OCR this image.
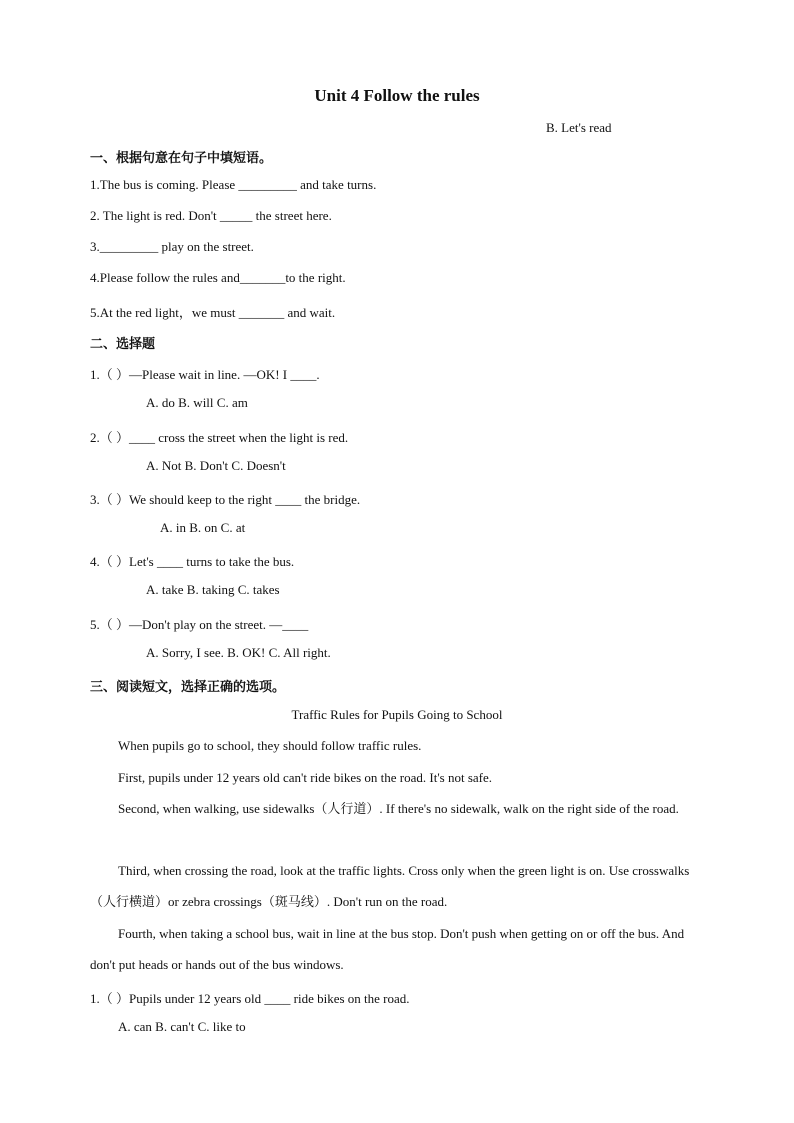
Unit 4 Follow the rules
B. Let's read
一、根据句意在句子中填短语。
1.The bus is coming. Please _________ and take turns.
2. The light is red. Don't _____ the street here.
3._________ play on the street.
4.Please follow the rules and_______to the right.
5.At the red light，we must _______ and wait.
二、选择题
1.（ ）—Please wait in line. —OK! I ____.
A. do B. will C. am
2.（ ）____ cross the street when the light is red.
A. Not B. Don't C. Doesn't
3.（ ）We should keep to the right ____ the bridge.
A. in B. on C. at
4.（ ）Let's ____ turns to take the bus.
A. take B. taking C. takes
5.（ ）—Don't play on the street. —____
A. Sorry, I see. B. OK! C. All right.
三、阅读短文，选择正确的选项。
Traffic Rules for Pupils Going to School
When pupils go to school, they should follow traffic rules.
First, pupils under 12 years old can't ride bikes on the road. It's not safe.
Second, when walking, use sidewalks（人行道）. If there's no sidewalk, walk on the right side of the road.
Third, when crossing the road, look at the traffic lights. Cross only when the green light is on. Use crosswalks （人行横道）or zebra crossings（斑马线）. Don't run on the road.
Fourth, when taking a school bus, wait in line at the bus stop. Don't push when getting on or off the bus. And don't put heads or hands out of the bus windows.
1.（ ）Pupils under 12 years old ____ ride bikes on the road.
A. can B. can't C. like to
